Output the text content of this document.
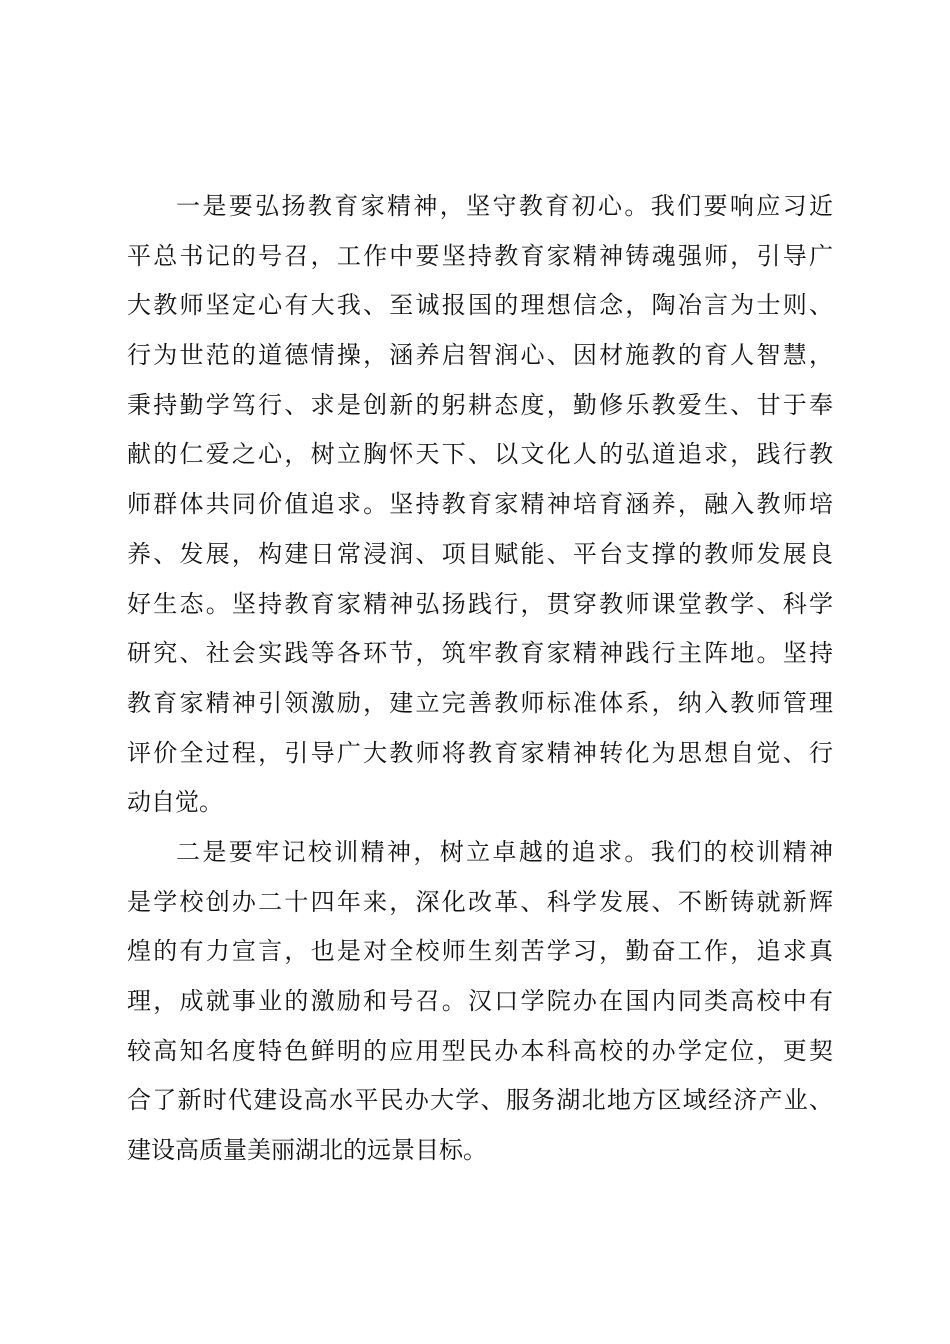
一是要弘扬教育家精神，坚守教育初心。我们要响应习近
平总书记的号召，工作中要坚持教育家精神铸魂强师，引导广
大教师坚定心有大我、至诚报国的理想信念，陶冶言为士则、
行为世范的道德情操，涵养启智润心、因材施教的育人智慧，
秉持勤学笃行、求是创新的躬耕态度，勤修乐教爱生、甘于奉
献的仁爱之心，树立胸怀天下、以文化人的弘道追求，践行教
师群体共同价值追求。坚持教育家精神培育涵养，融入教师培
养、发展，构建日常浸润、项目赋能、平台支撑的教师发展良
好生态。坚持教育家精神弘扬践行，贯穿教师课堂教学、科学
研究、社会实践等各环节，筑牢教育家精神践行主阵地。坚持
教育家精神引领激励，建立完善教师标准体系，纳入教师管理
评价全过程，引导广大教师将教育家精神转化为思想自觉、行
动自觉。
二是要牢记校训精神，树立卓越的追求。我们的校训精神
是学校创办二十四年来，深化改革、科学发展、不断铸就新辉
煌的有力宣言，也是对全校师生刻苦学习，勤奋工作，追求真
理，成就事业的激励和号召。汉口学院办在国内同类高校中有
较高知名度特色鲜明的应用型民办本科高校的办学定位，更契
合了新时代建设高水平民办大学、服务湖北地方区域经济产业、
建设高质量美丽湖北的远景目标。
